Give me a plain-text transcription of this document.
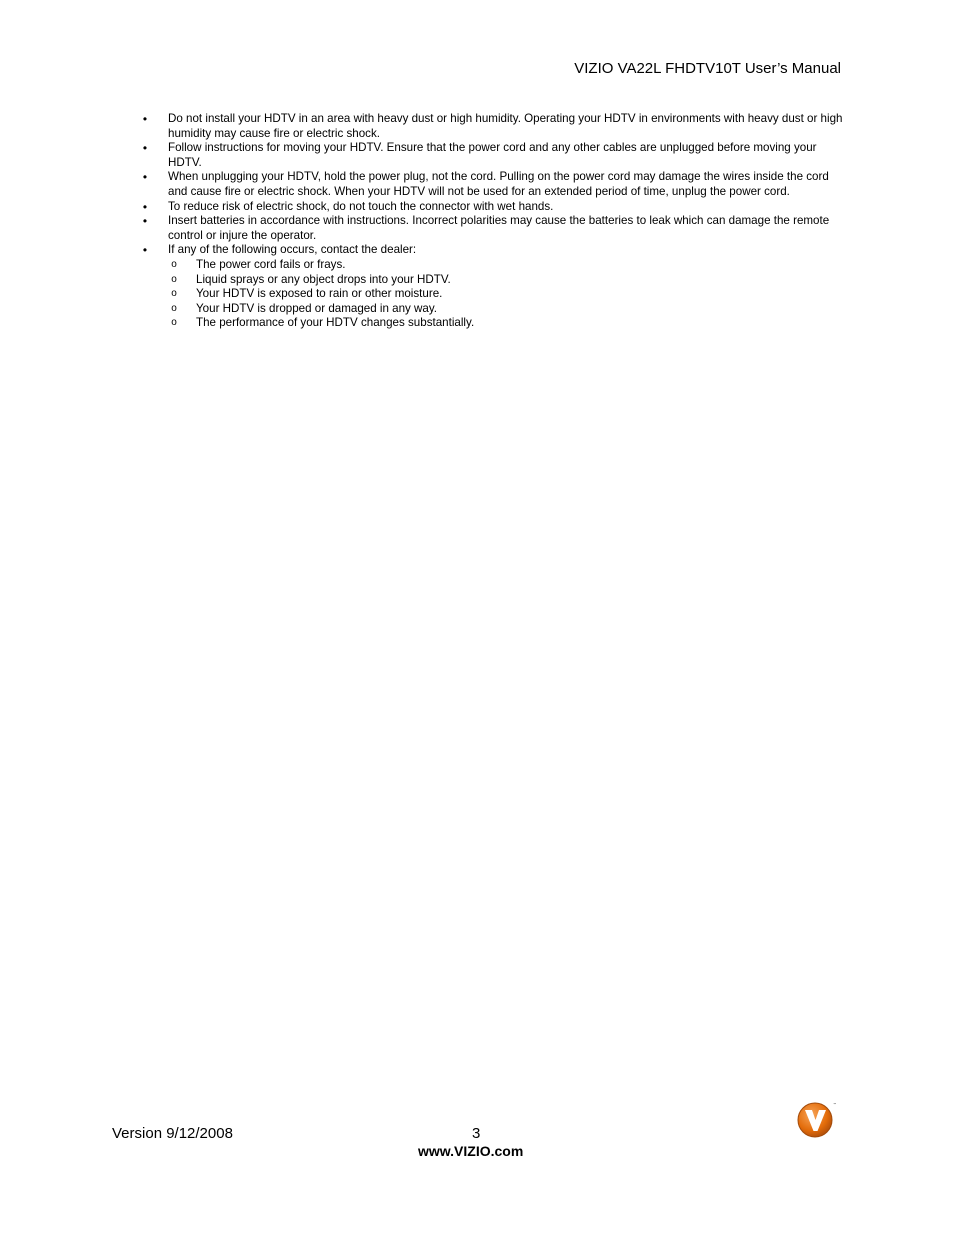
VIZIO VA22L FHDTV10T User’s Manual
• Do not install your HDTV in an area with heavy dust or high humidity. Operating your HDTV in environments with heavy dust or high humidity may cause fire or electric shock.
• Follow instructions for moving your HDTV. Ensure that the power cord and any other cables are unplugged before moving your HDTV.
• When unplugging your HDTV, hold the power plug, not the cord. Pulling on the power cord may damage the wires inside the cord and cause fire or electric shock. When your HDTV will not be used for an extended period of time, unplug the power cord.
• To reduce risk of electric shock, do not touch the connector with wet hands.
• Insert batteries in accordance with instructions. Incorrect polarities may cause the batteries to leak which can damage the remote control or injure the operator.
• If any of the following occurs, contact the dealer:
o The power cord fails or frays.
o Liquid sprays or any object drops into your HDTV.
o Your HDTV is exposed to rain or other moisture.
o Your HDTV is dropped or damaged in any way.
o The performance of your HDTV changes substantially.
Version 9/12/2008	3
www.VIZIO.com
™
